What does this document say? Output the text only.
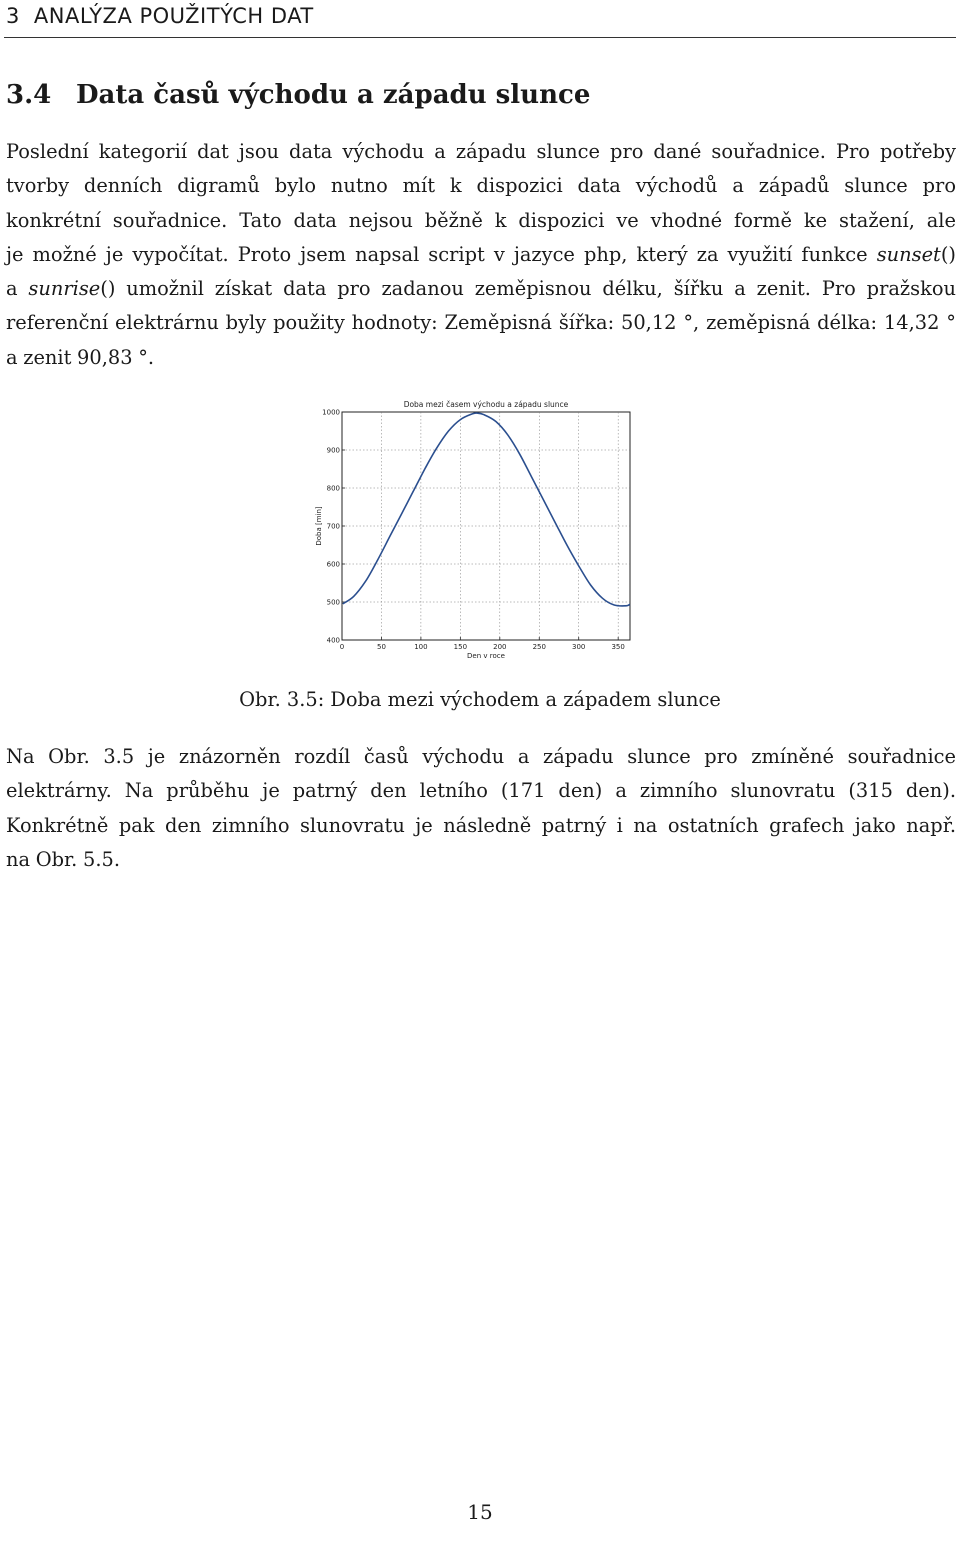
3 ANALÝZA POUŽITÝCH DAT
3.4 Data časů východu a západu slunce
Poslední kategorií dat jsou data východu a západu slunce pro dané souřadnice. Pro potřeby
tvorby denních digramů bylo nutno mít k dispozici data východů a západů slunce pro
konkrétní souřadnice. Tato data nejsou běžně k dispozici ve vhodné formě ke stažení, ale
je možné je vypočítat. Proto jsem napsal script v jazyce php, který za využití funkce sunset()
a sunrise() umožnil získat data pro zadanou zeměpisnou délku, šířku a zenit. Pro pražskou
referenční elektrárnu byly použity hodnoty: Zeměpisná šířka: 50,12 °, zeměpisná délka: 14,32 °
a zenit 90,83 °.
0	50	100	150	200	250	300	350
400
500
600
700
800
900
1000
Doba mezi časem východu a západu slunce
Den v roce
Doba [min]
Obr. 3.5: Doba mezi východem a západem slunce
Na Obr. 3.5 je znázorněn rozdíl časů východu a západu slunce pro zmíněné souřadnice
elektrárny. Na průběhu je patrný den letního (171 den) a zimního slunovratu (315 den).
Konkrétně pak den zimního slunovratu je následně patrný i na ostatních grafech jako např.
na Obr. 5.5.
15
